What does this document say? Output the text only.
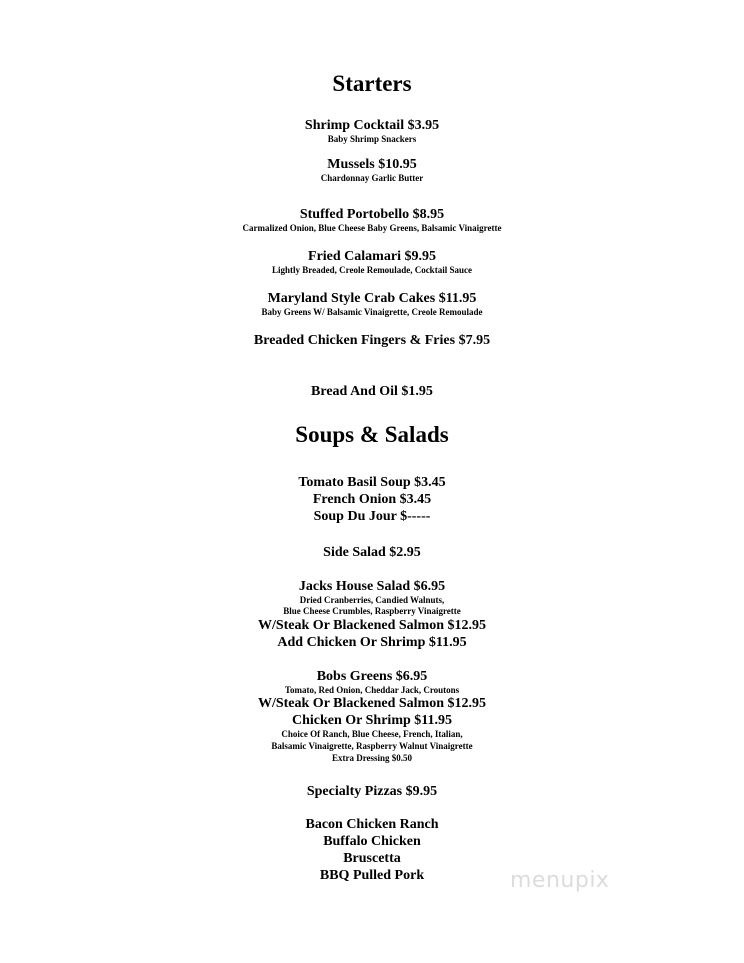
Starters
Shrimp Cocktail $3.95
Baby Shrimp Snackers
Mussels $10.95
Chardonnay Garlic Butter
Stuffed Portobello $8.95
Carmalized Onion, Blue Cheese Baby Greens, Balsamic Vinaigrette
Fried Calamari $9.95
Lightly Breaded, Creole Remoulade, Cocktail Sauce
Maryland Style Crab Cakes $11.95
Baby Greens W/ Balsamic Vinaigrette, Creole Remoulade
Breaded Chicken Fingers & Fries $7.95
Bread And Oil $1.95
Soups & Salads
Tomato Basil Soup $3.45
French Onion $3.45
Soup Du Jour $-----
Side Salad $2.95
Jacks House Salad $6.95
Dried Cranberries, Candied Walnuts,
Blue Cheese Crumbles, Raspberry Vinaigrette
W/Steak Or Blackened Salmon $12.95
Add Chicken Or Shrimp $11.95
Bobs Greens $6.95
Tomato, Red Onion, Cheddar Jack, Croutons
W/Steak Or Blackened Salmon $12.95
Chicken Or Shrimp $11.95
Choice Of Ranch, Blue Cheese, French, Italian,
Balsamic Vinaigrette, Raspberry Walnut Vinaigrette
Extra Dressing $0.50
Specialty Pizzas $9.95
Bacon Chicken Ranch
Buffalo Chicken
Bruscetta
BBQ Pulled Pork	menupix
